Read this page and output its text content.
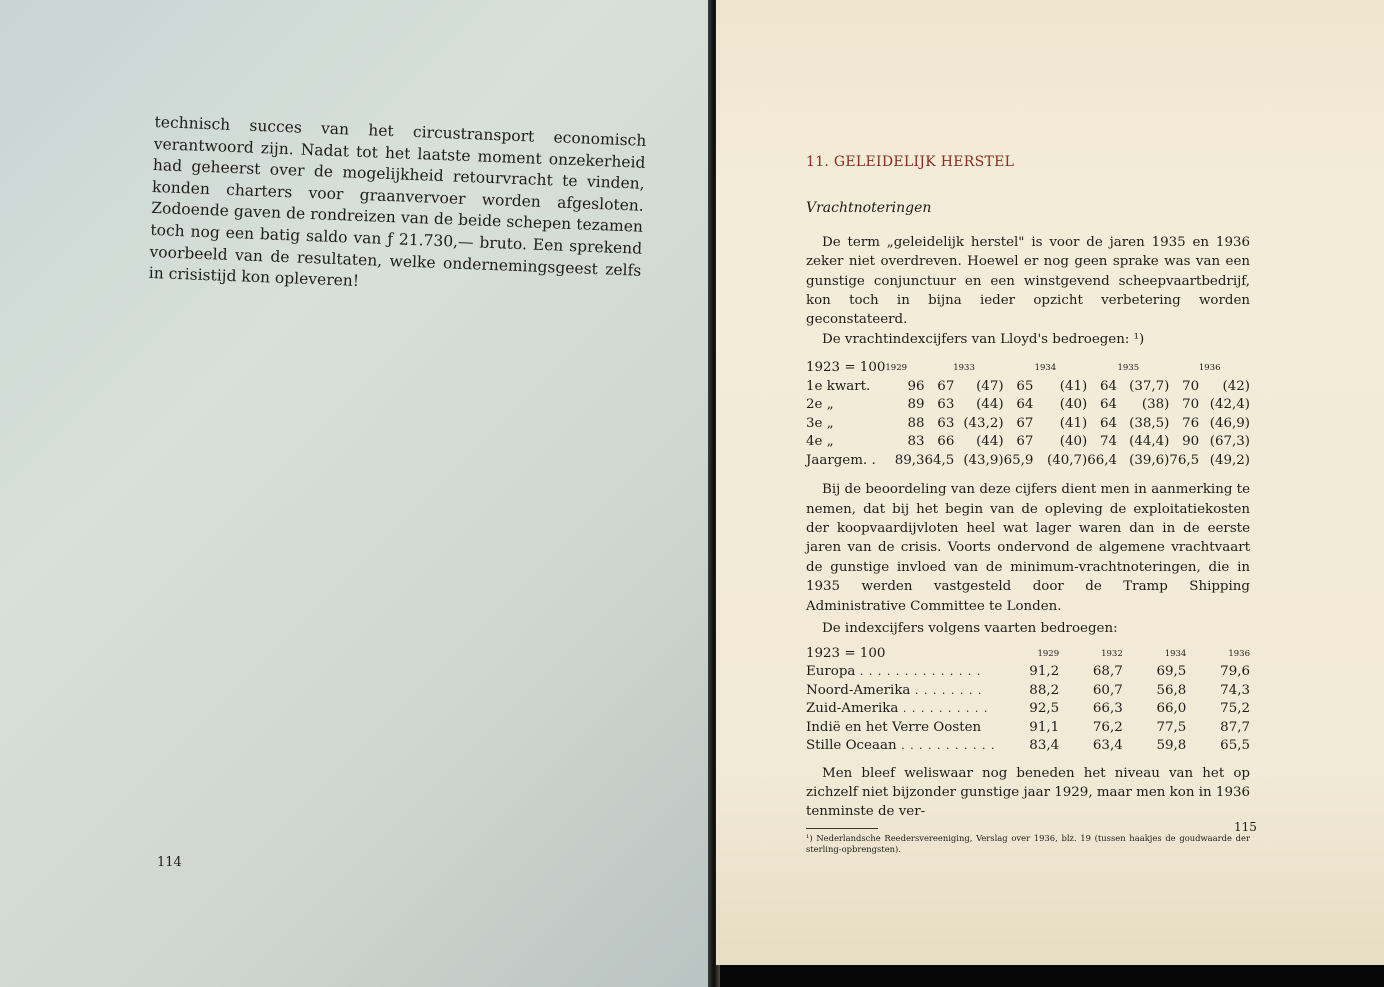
technisch succes van het circustransport economisch verantwoord zijn. Nadat tot het laatste moment onzekerheid had geheerst over de mogelijkheid retourvracht te vinden, konden charters voor graanvervoer worden afgesloten. Zodoende gaven de rondreizen van de beide schepen tezamen toch nog een batig saldo van ƒ 21.730,— bruto. Een sprekend voorbeeld van de resultaten, welke ondernemingsgeest zelfs in crisistijd kon opleveren!

114
11. GELEIDELIJK HERSTEL
Vrachtnoteringen

De term „geleidelijk herstel" is voor de jaren 1935 en 1936 zeker niet overdreven. Hoewel er nog geen sprake was van een gunstige conjunctuur en een winstgevend scheepvaartbedrijf, kon toch in bijna ieder opzicht verbetering worden geconstateerd.

De vrachtindexcijfers van Lloyd's bedroegen: ¹)

1923 = 100	1929	1933		1934		1935		1936	
1e kwart.	96	67	(47)	65	(41)	64	(37,7)	70	(42)
2e „	89	63	(44)	64	(40)	64	(38)	70	(42,4)
3e „	88	63	(43,2)	67	(41)	64	(38,5)	76	(46,9)
4e „	83	66	(44)	67	(40)	74	(44,4)	90	(67,3)
Jaargem. .	89,3	64,5	(43,9)	65,9	(40,7)	66,4	(39,6)	76,5	(49,2)

Bij de beoordeling van deze cijfers dient men in aanmerking te nemen, dat bij het begin van de opleving de exploitatiekosten der koopvaardijvloten heel wat lager waren dan in de eerste jaren van de crisis. Voorts ondervond de algemene vrachtvaart de gunstige invloed van de minimum-vrachtnoteringen, die in 1935 werden vastgesteld door de Tramp Shipping Administrative Committee te Londen.

De indexcijfers volgens vaarten bedroegen:

1923 = 100	1929	1932	1934	1936
Europa . . . . . . . . . . . . . .	91,2	68,7	69,5	79,6
Noord-Amerika . . . . . . . .	88,2	60,7	56,8	74,3
Zuid-Amerika . . . . . . . . . .	92,5	66,3	66,0	75,2
Indië en het Verre Oosten	91,1	76,2	77,5	87,7
Stille Oceaan . . . . . . . . . . .	83,4	63,4	59,8	65,5

Men bleef weliswaar nog beneden het niveau van het op zichzelf niet bijzonder gunstige jaar 1929, maar men kon in 1936 tenminste de ver-

¹) Nederlandsche Reedersvereeniging, Verslag over 1936, blz. 19 (tussen haakjes de goudwaarde der sterling-opbrengsten).

115
